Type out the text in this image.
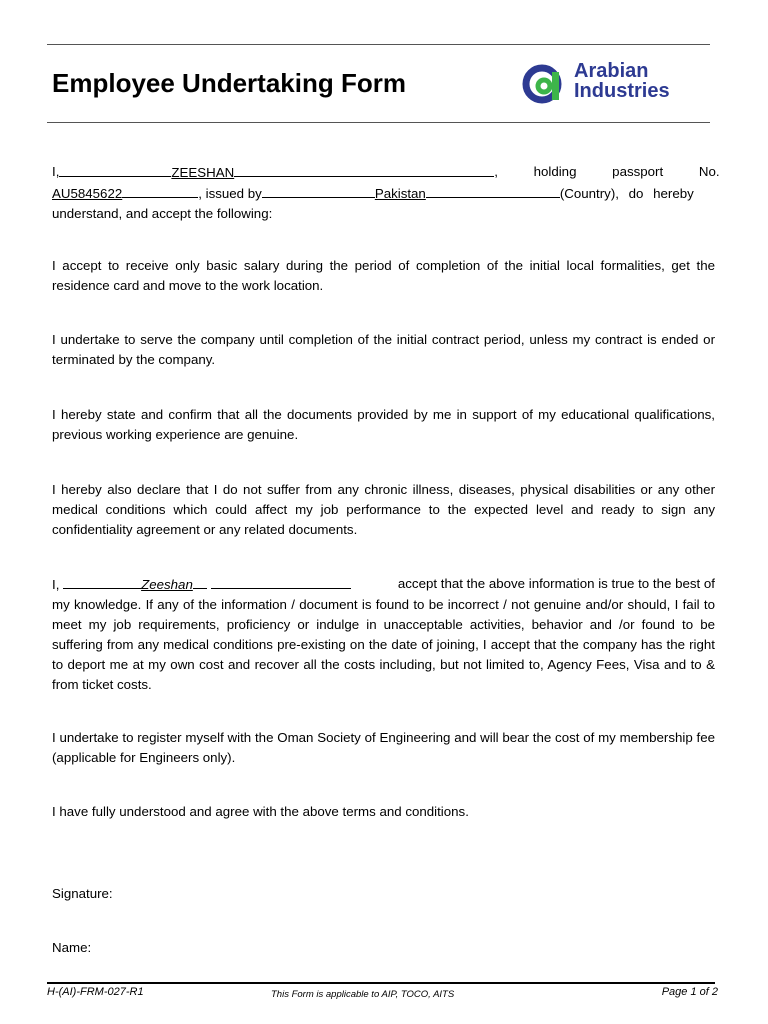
Employee Undertaking Form	Arabian
Industries
I,	ZEESHAN	, holding passport No.
AU5845622	, issued by	Pakistan	(Country), do hereby
understand, and accept the following:

I accept to receive only basic salary during the period of completion of the initial local formalities, get the residence card and move to the work location.

I undertake to serve the company until completion of the initial contract period, unless my contract is ended or terminated by the company.

I hereby state and confirm that all the documents provided by me in support of my educational qualifications, previous working experience are genuine.

I hereby also declare that I do not suffer from any chronic illness, diseases, physical disabilities or any other medical conditions which could affect my job performance to the expected level and ready to sign any confidentiality agreement or any related documents.

I,	Zeeshan	accept that the above information is true to the best of
my knowledge. If any of the information / document is found to be incorrect / not genuine and/or should, I fail to meet my job requirements, proficiency or indulge in unacceptable activities, behavior and /or found to be suffering from any medical conditions pre-existing on the date of joining, I accept that the company has the right to deport me at my own cost and recover all the costs including, but not limited to, Agency Fees, Visa and to & from ticket costs.

I undertake to register myself with the Oman Society of Engineering and will bear the cost of my membership fee (applicable for Engineers only).

I have fully understood and agree with the above terms and conditions.

Signature:

Name:

H-(AI)-FRM-027-R1	This Form is applicable to AIP, TOCO, AITS	Page 1 of 2
